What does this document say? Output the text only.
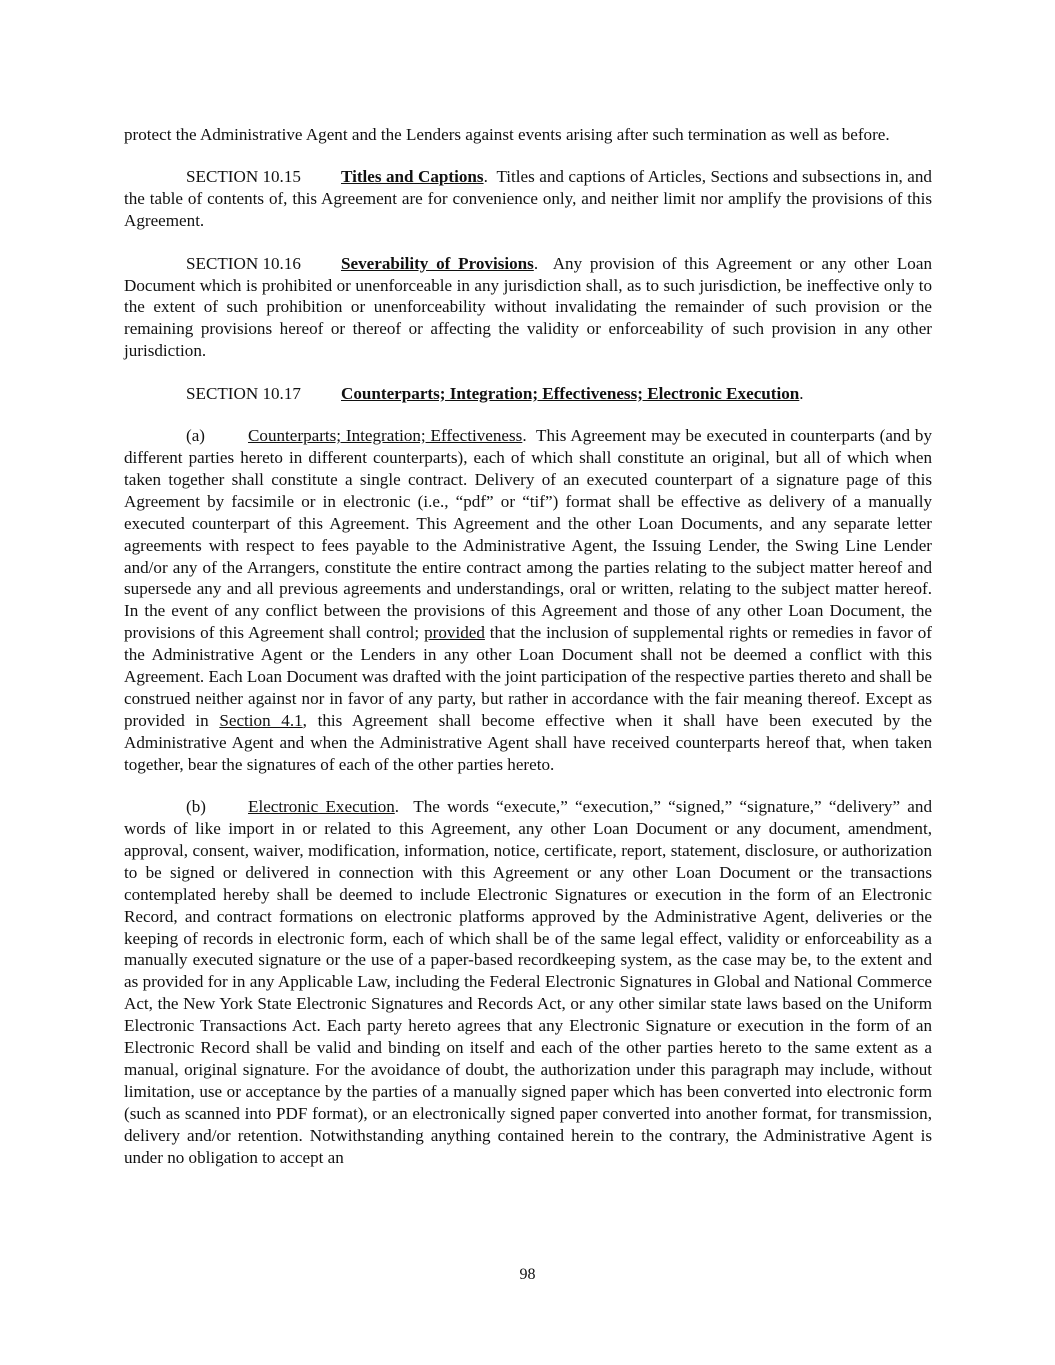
protect the Administrative Agent and the Lenders against events arising after such termination as well as before.

SECTION 10.15 Titles and Captions. Titles and captions of Articles, Sections and subsections in, and the table of contents of, this Agreement are for convenience only, and neither limit nor amplify the provisions of this Agreement.

SECTION 10.16 Severability of Provisions. Any provision of this Agreement or any other Loan Document which is prohibited or unenforceable in any jurisdiction shall, as to such jurisdiction, be ineffective only to the extent of such prohibition or unenforceability without invalidating the remainder of such provision or the remaining provisions hereof or thereof or affecting the validity or enforceability of such provision in any other jurisdiction.

SECTION 10.17 Counterparts; Integration; Effectiveness; Electronic Execution.

(a)	Counterparts; Integration; Effectiveness. This Agreement may be executed in counterparts (and by different parties hereto in different counterparts), each of which shall constitute an original, but all of which when taken together shall constitute a single contract. Delivery of an executed counterpart of a signature page of this Agreement by facsimile or in electronic (i.e., “pdf” or “tif”) format shall be effective as delivery of a manually executed counterpart of this Agreement. This Agreement and the other Loan Documents, and any separate letter agreements with respect to fees payable to the Administrative Agent, the Issuing Lender, the Swing Line Lender and/or any of the Arrangers, constitute the entire contract among the parties relating to the subject matter hereof and supersede any and all previous agreements and understandings, oral or written, relating to the subject matter hereof. In the event of any conflict between the provisions of this Agreement and those of any other Loan Document, the provisions of this Agreement shall control; provided that the inclusion of supplemental rights or remedies in favor of the Administrative Agent or the Lenders in any other Loan Document shall not be deemed a conflict with this Agreement. Each Loan Document was drafted with the joint participation of the respective parties thereto and shall be construed neither against nor in favor of any party, but rather in accordance with the fair meaning thereof. Except as provided in Section 4.1, this Agreement shall become effective when it shall have been executed by the Administrative Agent and when the Administrative Agent shall have received counterparts hereof that, when taken together, bear the signatures of each of the other parties hereto.

(b) Electronic Execution. The words “execute,” “execution,” “signed,” “signature,” “delivery” and words of like import in or related to this Agreement, any other Loan Document or any document, amendment, approval, consent, waiver, modification, information, notice, certificate, report, statement, disclosure, or authorization to be signed or delivered in connection with this Agreement or any other Loan Document or the transactions contemplated hereby shall be deemed to include Electronic Signatures or execution in the form of an Electronic Record, and contract formations on electronic platforms approved by the Administrative Agent, deliveries or the keeping of records in electronic form, each of which shall be of the same legal effect, validity or enforceability as a manually executed signature or the use of a paper-based recordkeeping system, as the case may be, to the extent and as provided for in any Applicable Law, including the Federal Electronic Signatures in Global and National Commerce Act, the New York State Electronic Signatures and Records Act, or any other similar state laws based on the Uniform Electronic Transactions Act. Each party hereto agrees that any Electronic Signature or execution in the form of an Electronic Record shall be valid and binding on itself and each of the other parties hereto to the same extent as a manual, original signature. For the avoidance of doubt, the authorization under this paragraph may include, without limitation, use or acceptance by the parties of a manually signed paper which has been converted into electronic form (such as scanned into PDF format), or an electronically signed paper converted into another format, for transmission, delivery and/or retention. Notwithstanding anything contained herein to the contrary, the Administrative Agent is under no obligation to accept an

98
